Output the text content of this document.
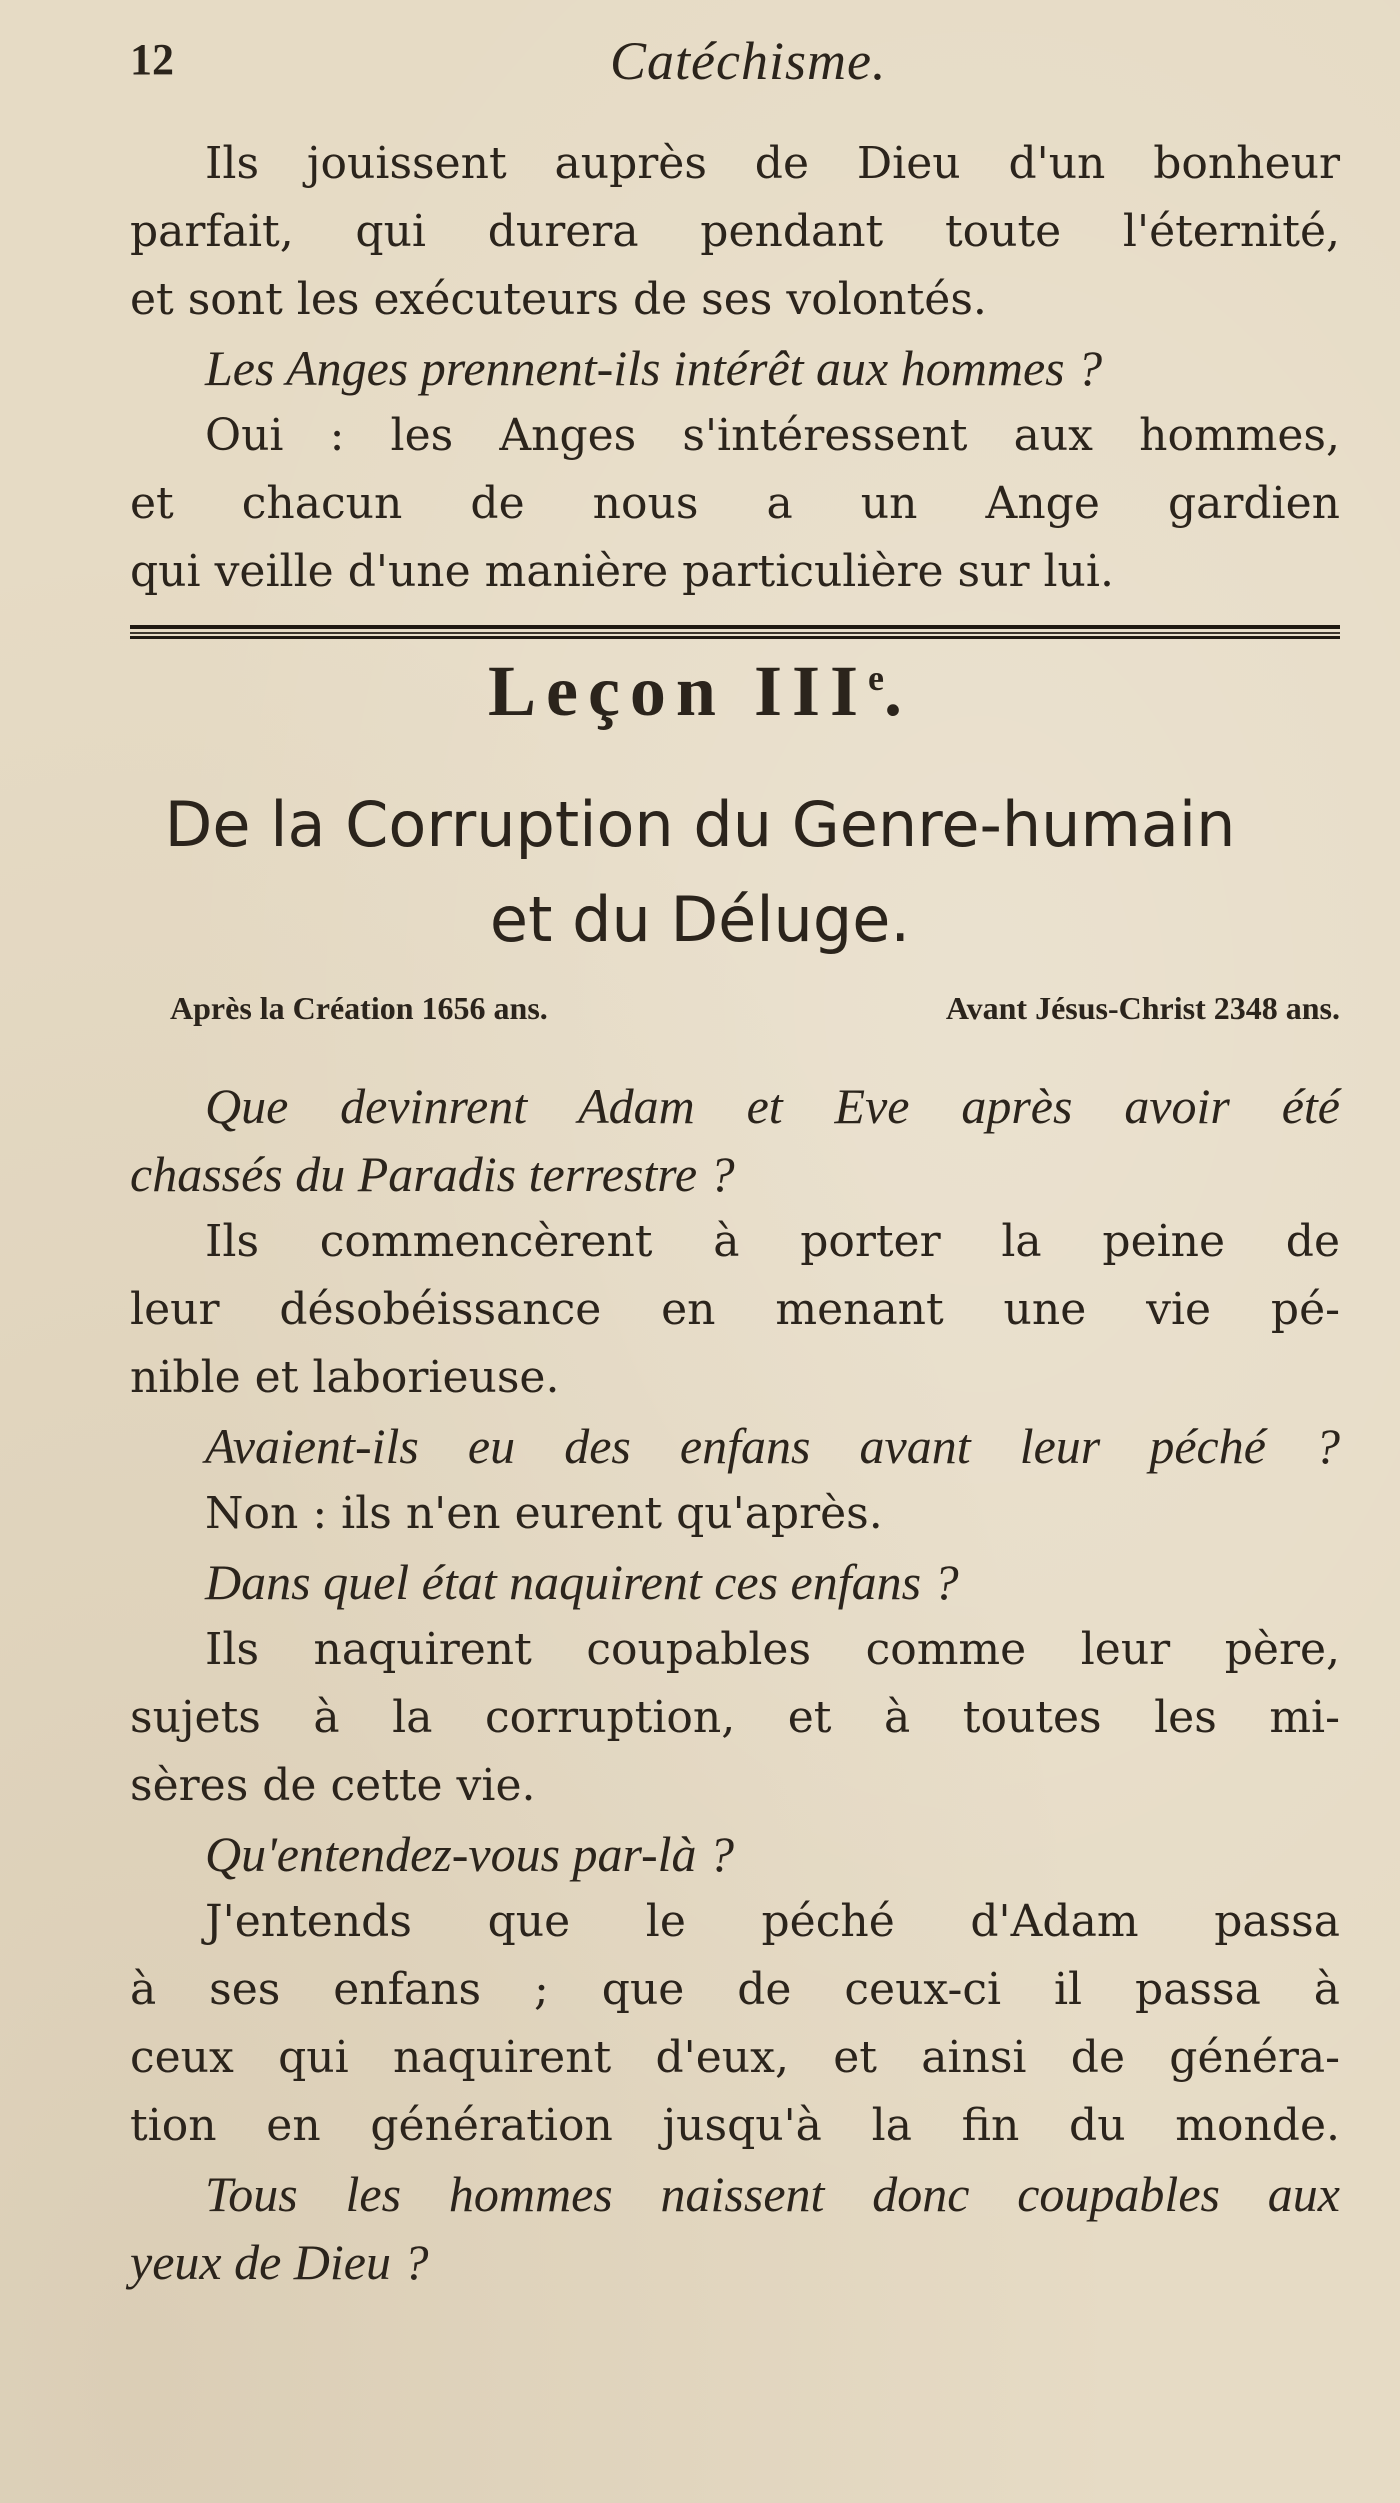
12	Catéchisme.
Ils jouissent auprès de Dieu d'un bonheur
parfait, qui durera pendant toute l'éternité,
et sont les exécuteurs de ses volontés.
Les Anges prennent-ils intérêt aux hommes ?
Oui : les Anges s'intéressent aux hommes,
et chacun de nous a un Ange gardien
qui veille d'une manière particulière sur lui.
Leçon IIIe.
De la Corruption du Genre-humain
et du Déluge.
Après la Création 1656 ans.	Avant Jésus-Christ 2348 ans.
Que devinrent Adam et Eve après avoir été
chassés du Paradis terrestre ?
Ils commencèrent à porter la peine de
leur désobéissance en menant une vie pé-
nible et laborieuse.
Avaient-ils eu des enfans avant leur péché ?
Non : ils n'en eurent qu'après.
Dans quel état naquirent ces enfans ?
Ils naquirent coupables comme leur père,
sujets à la corruption, et à toutes les mi-
sères de cette vie.
Qu'entendez-vous par-là ?
J'entends que le péché d'Adam passa
à ses enfans ; que de ceux-ci il passa à
ceux qui naquirent d'eux, et ainsi de généra-
tion en génération jusqu'à la fin du monde.
Tous les hommes naissent donc coupables aux
yeux de Dieu ?
